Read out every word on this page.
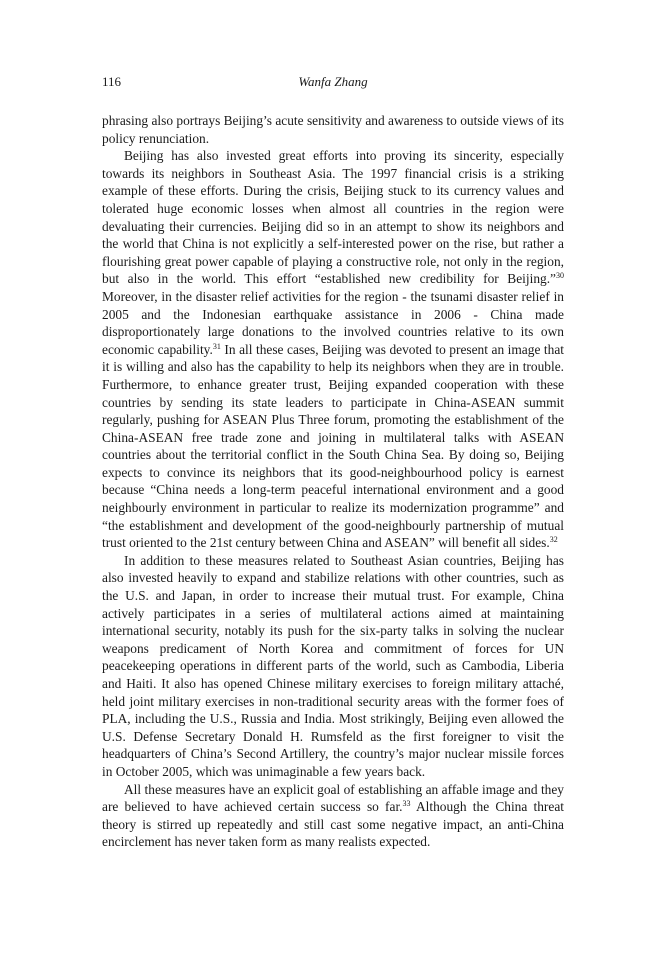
116	Wanfa Zhang

phrasing also portrays Beijing’s acute sensitivity and awareness to outside views of its policy renunciation.

Beijing has also invested great efforts into proving its sincerity, especially towards its neighbors in Southeast Asia. The 1997 financial crisis is a striking example of these efforts. During the crisis, Beijing stuck to its currency values and tolerated huge economic losses when almost all countries in the region were devaluating their currencies. Beijing did so in an attempt to show its neighbors and the world that China is not explicitly a self-interested power on the rise, but rather a flourishing great power capable of playing a constructive role, not only in the region, but also in the world. This effort “established new credibility for Beijing.”$^{30}$ Moreover, in the disaster relief activities for the region - the tsunami disaster relief in 2005 and the Indonesian earthquake assistance in 2006 - China made disproportionately large donations to the involved countries relative to its own economic capability.$^{31}$ In all these cases, Beijing was devoted to present an image that it is willing and also has the capability to help its neighbors when they are in trouble. Furthermore, to enhance greater trust, Beijing expanded cooperation with these countries by sending its state leaders to participate in China-ASEAN summit regularly, pushing for ASEAN Plus Three forum, promoting the establishment of the China-ASEAN free trade zone and joining in multilateral talks with ASEAN countries about the territorial conflict in the South China Sea. By doing so, Beijing expects to convince its neighbors that its good-neighbourhood policy is earnest because “China needs a long-term peaceful international environment and a good neighbourly environment in particular to realize its modernization programme” and “the establishment and development of the good-neighbourly partnership of mutual trust oriented to the 21st century between China and ASEAN” will benefit all sides.$^{32}$

In addition to these measures related to Southeast Asian countries, Beijing has also invested heavily to expand and stabilize relations with other countries, such as the U.S. and Japan, in order to increase their mutual trust. For example, China actively participates in a series of multilateral actions aimed at maintaining international security, notably its push for the six-party talks in solving the nuclear weapons predicament of North Korea and commitment of forces for UN peacekeeping operations in different parts of the world, such as Cambodia, Liberia and Haiti. It also has opened Chinese military exercises to foreign military attaché, held joint military exercises in non-traditional security areas with the former foes of PLA, including the U.S., Russia and India. Most strikingly, Beijing even allowed the U.S. Defense Secretary Donald H. Rumsfeld as the first foreigner to visit the headquarters of China’s Second Artillery, the country’s major nuclear missile forces in October 2005, which was unimaginable a few years back.

All these measures have an explicit goal of establishing an affable image and they are believed to have achieved certain success so far.$^{33}$ Although the China threat theory is stirred up repeatedly and still cast some negative impact, an anti-China encirclement has never taken form as many realists expected.
